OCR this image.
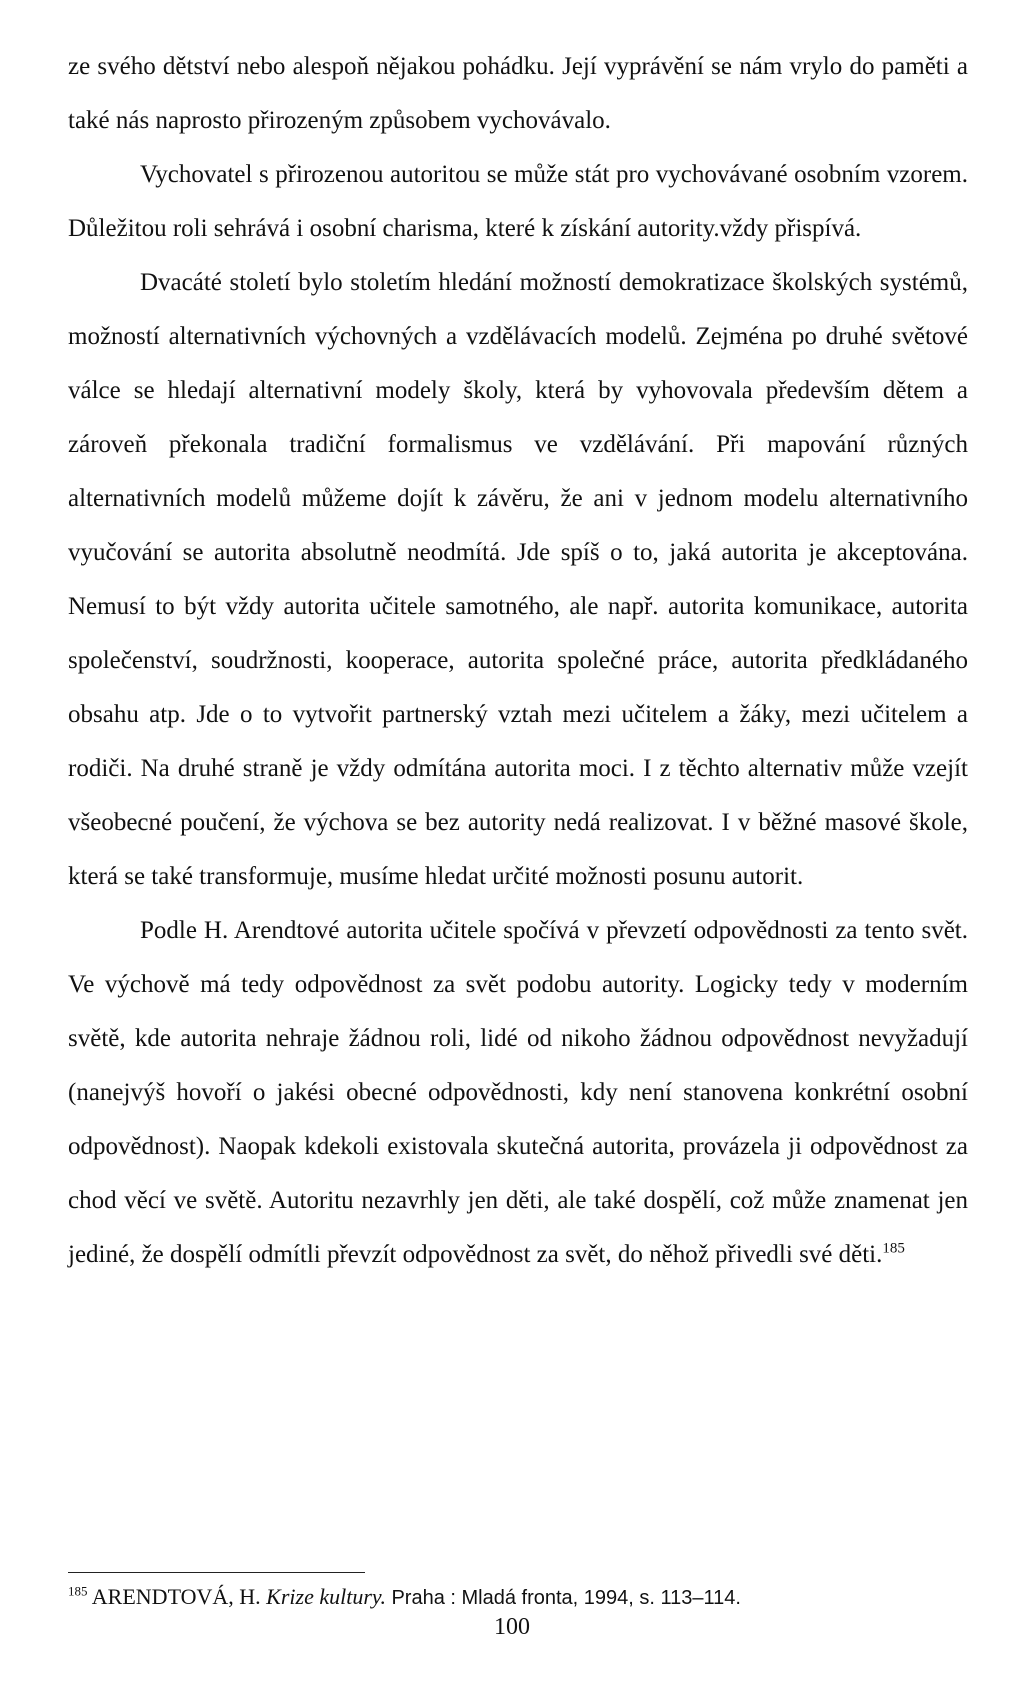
ze svého dětství nebo alespoň nějakou pohádku. Její vyprávění se nám vrylo do paměti a také nás naprosto přirozeným způsobem vychovávalo.

Vychovatel s přirozenou autoritou se může stát pro vychovávané osobním vzorem. Důležitou roli sehrává i osobní charisma, které k získání autority.vždy přispívá.

Dvacáté století bylo stoletím hledání možností demokratizace školských systémů, možností alternativních výchovných a vzdělávacích modelů. Zejména po druhé světové válce se hledají alternativní modely školy, která by vyhovovala především dětem a zároveň překonala tradiční formalismus ve vzdělávání. Při mapování různých alternativních modelů můžeme dojít k závěru, že ani v jednom modelu alternativního vyučování se autorita absolutně neodmítá. Jde spíš o to, jaká autorita je akceptována. Nemusí to být vždy autorita učitele samotného, ale např. autorita komunikace, autorita společenství, soudržnosti, kooperace, autorita společné práce, autorita předkládaného obsahu atp. Jde o to vytvořit partnerský vztah mezi učitelem a žáky, mezi učitelem a rodiči. Na druhé straně je vždy odmítána autorita moci. I z těchto alternativ může vzejít všeobecné poučení, že výchova se bez autority nedá realizovat. I v běžné masové škole, která se také transformuje, musíme hledat určité možnosti posunu autorit.

Podle H. Arendtové autorita učitele spočívá v převzetí odpovědnosti za tento svět. Ve výchově má tedy odpovědnost za svět podobu autority. Logicky tedy v moderním světě, kde autorita nehraje žádnou roli, lidé od nikoho žádnou odpovědnost nevyžadují (nanejvýš hovoří o jakési obecné odpovědnosti, kdy není stanovena konkrétní osobní odpovědnost). Naopak kdekoli existovala skutečná autorita, provázela ji odpovědnost za chod věcí ve světě. Autoritu nezavrhly jen děti, ale také dospělí, což může znamenat jen jediné, že dospělí odmítli převzít odpovědnost za svět, do něhož přivedli své děti.$^{185}$

$^{185}$ ARENDTOVÁ, H. Krize kultury. Praha : Mladá fronta, 1994, s. 113–114.

100
